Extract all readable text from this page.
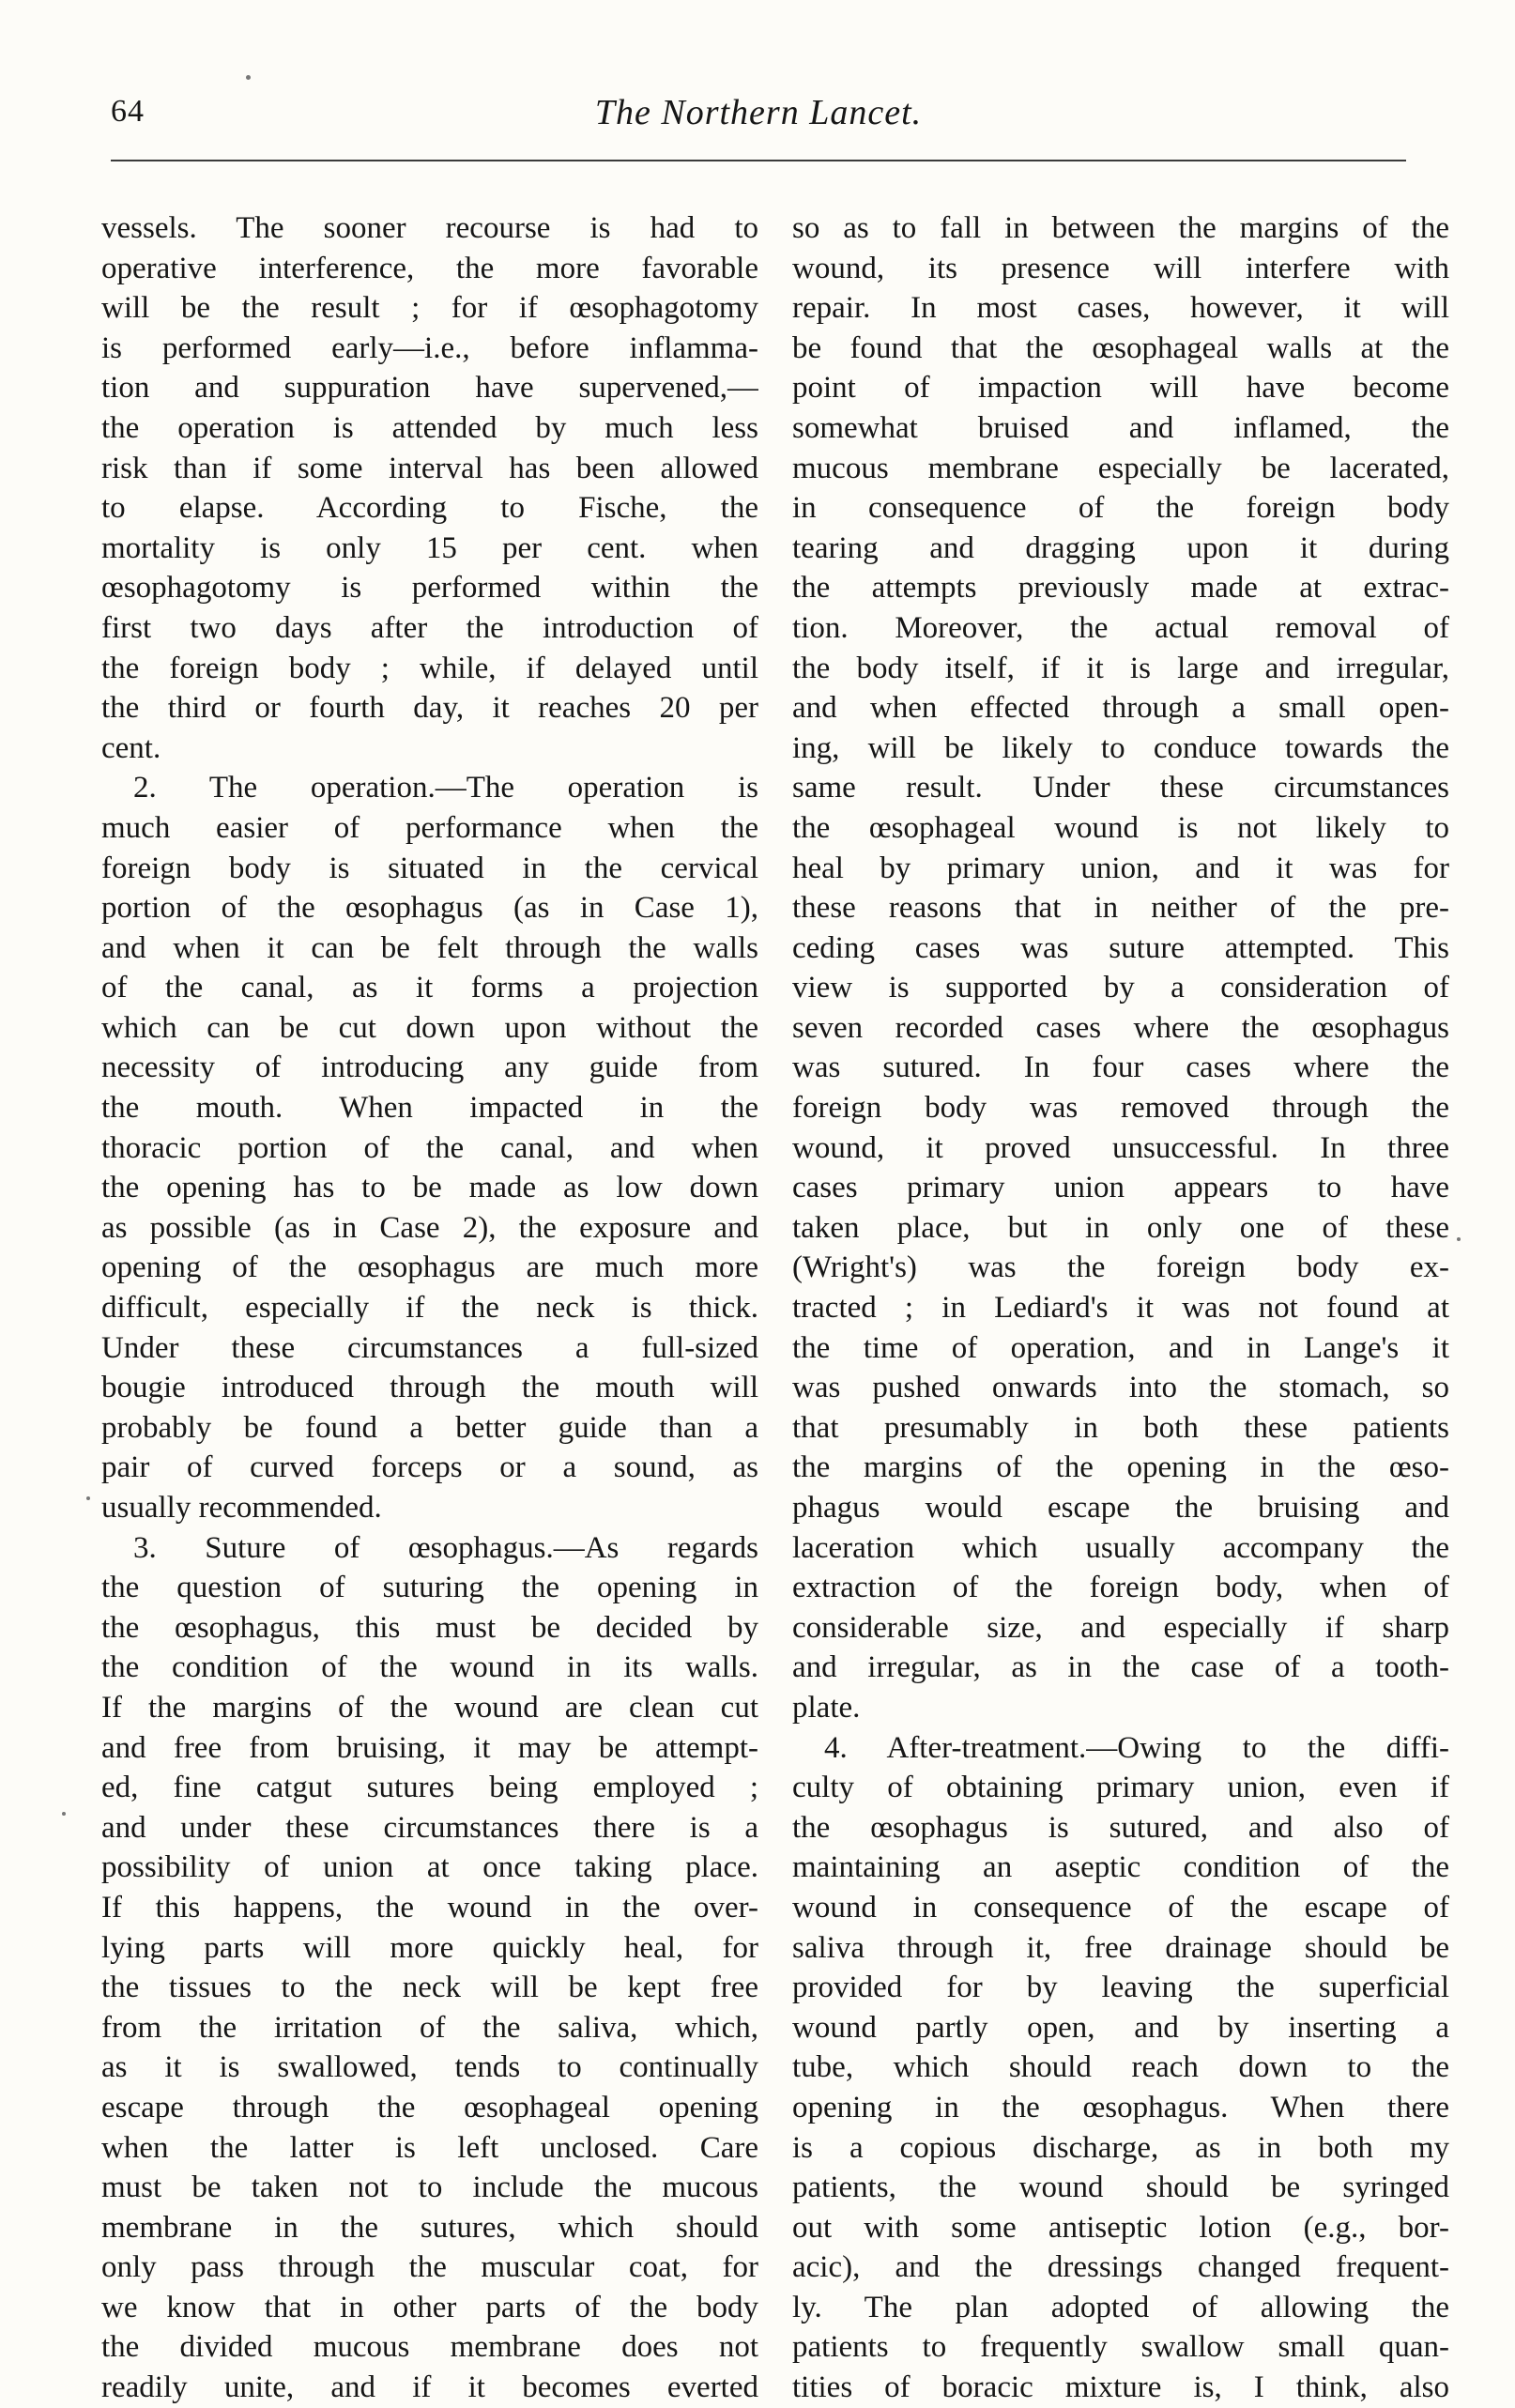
64	The Northern Lancet.
vessels. The sooner recourse is had to
operative interference, the more favorable
will be the result ; for if œsophagotomy
is performed early—i.e., before inflamma-
tion and suppuration have supervened,—
the operation is attended by much less
risk than if some interval has been allowed
to elapse. According to Fische, the
mortality is only 15 per cent. when
œsophagotomy is performed within the
first two days after the introduction of
the foreign body ; while, if delayed until
the third or fourth day, it reaches 20 per
cent.
2. The operation.—The operation is
much easier of performance when the
foreign body is situated in the cervical
portion of the œsophagus (as in Case 1),
and when it can be felt through the walls
of the canal, as it forms a projection
which can be cut down upon without the
necessity of introducing any guide from
the mouth. When impacted in the
thoracic portion of the canal, and when
the opening has to be made as low down
as possible (as in Case 2), the exposure and
opening of the œsophagus are much more
difficult, especially if the neck is thick.
Under these circumstances a full-sized
bougie introduced through the mouth will
probably be found a better guide than a
pair of curved forceps or a sound, as
usually recommended.
3. Suture of œsophagus.—As regards
the question of suturing the opening in
the œsophagus, this must be decided by
the condition of the wound in its walls.
If the margins of the wound are clean cut
and free from bruising, it may be attempt-
ed, fine catgut sutures being employed ;
and under these circumstances there is a
possibility of union at once taking place.
If this happens, the wound in the over-
lying parts will more quickly heal, for
the tissues to the neck will be kept free
from the irritation of the saliva, which,
as it is swallowed, tends to continually
escape through the œsophageal opening
when the latter is left unclosed. Care
must be taken not to include the mucous
membrane in the sutures, which should
only pass through the muscular coat, for
we know that in other parts of the body
the divided mucous membrane does not
readily unite, and if it becomes everted
so as to fall in between the margins of the
wound, its presence will interfere with
repair. In most cases, however, it will
be found that the œsophageal walls at the
point of impaction will have become
somewhat bruised and inflamed, the
mucous membrane especially be lacerated,
in consequence of the foreign body
tearing and dragging upon it during
the attempts previously made at extrac-
tion. Moreover, the actual removal of
the body itself, if it is large and irregular,
and when effected through a small open-
ing, will be likely to conduce towards the
same result. Under these circumstances
the œsophageal wound is not likely to
heal by primary union, and it was for
these reasons that in neither of the pre-
ceding cases was suture attempted. This
view is supported by a consideration of
seven recorded cases where the œsophagus
was sutured. In four cases where the
foreign body was removed through the
wound, it proved unsuccessful. In three
cases primary union appears to have
taken place, but in only one of these
(Wright's) was the foreign body ex-
tracted ; in Lediard's it was not found at
the time of operation, and in Lange's it
was pushed onwards into the stomach, so
that presumably in both these patients
the margins of the opening in the œso-
phagus would escape the bruising and
laceration which usually accompany the
extraction of the foreign body, when of
considerable size, and especially if sharp
and irregular, as in the case of a tooth-
plate.
4. After-treatment.—Owing to the diffi-
culty of obtaining primary union, even if
the œsophagus is sutured, and also of
maintaining an aseptic condition of the
wound in consequence of the escape of
saliva through it, free drainage should be
provided for by leaving the superficial
wound partly open, and by inserting a
tube, which should reach down to the
opening in the œsophagus. When there
is a copious discharge, as in both my
patients, the wound should be syringed
out with some antiseptic lotion (e.g., bor-
acic), and the dressings changed frequent-
ly. The plan adopted of allowing the
patients to frequently swallow small quan-
tities of boracic mixture is, I think, also
